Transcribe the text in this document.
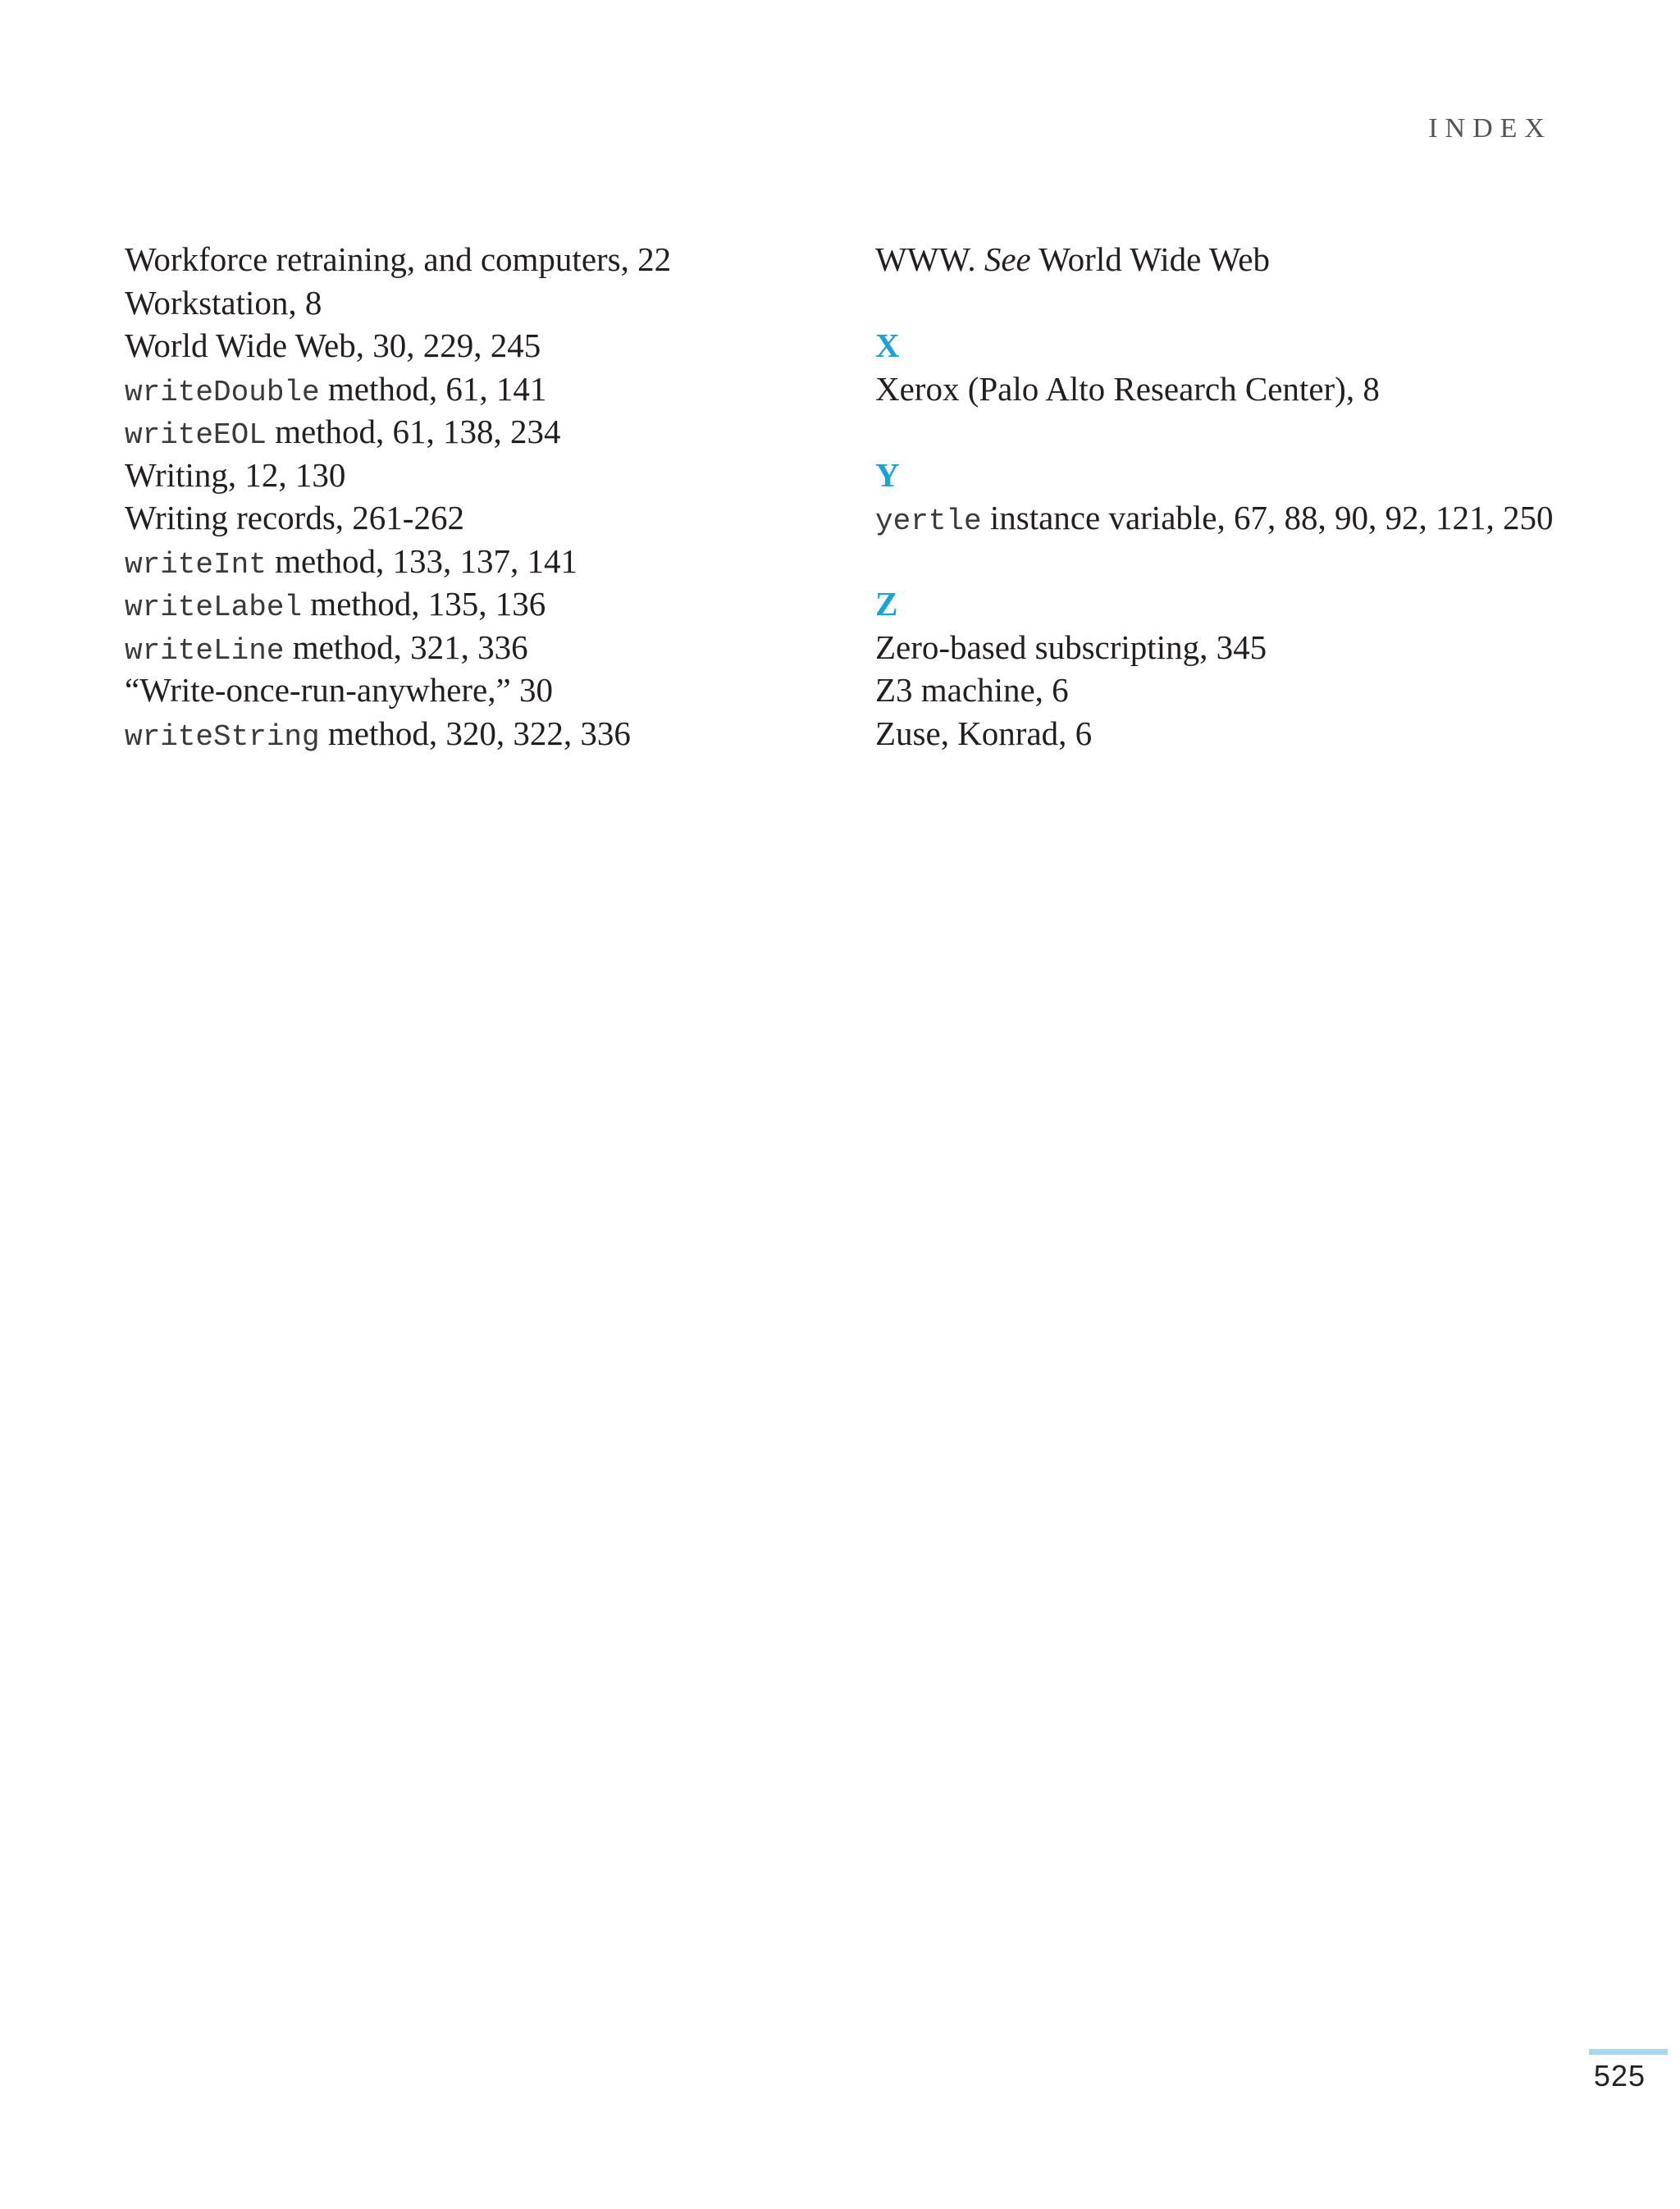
INDEX
Workforce retraining, and computers, 22
Workstation, 8
World Wide Web, 30, 229, 245
writeDouble method, 61, 141
writeEOL method, 61, 138, 234
Writing, 12, 130
Writing records, 261-262
writeInt method, 133, 137, 141
writeLabel method, 135, 136
writeLine method, 321, 336
“Write-once-run-anywhere,” 30
writeString method, 320, 322, 336
WWW. See World Wide Web
X
Xerox (Palo Alto Research Center), 8
Y
yertle instance variable, 67, 88, 90, 92, 121, 250
Z
Zero-based subscripting, 345
Z3 machine, 6
Zuse, Konrad, 6
525
